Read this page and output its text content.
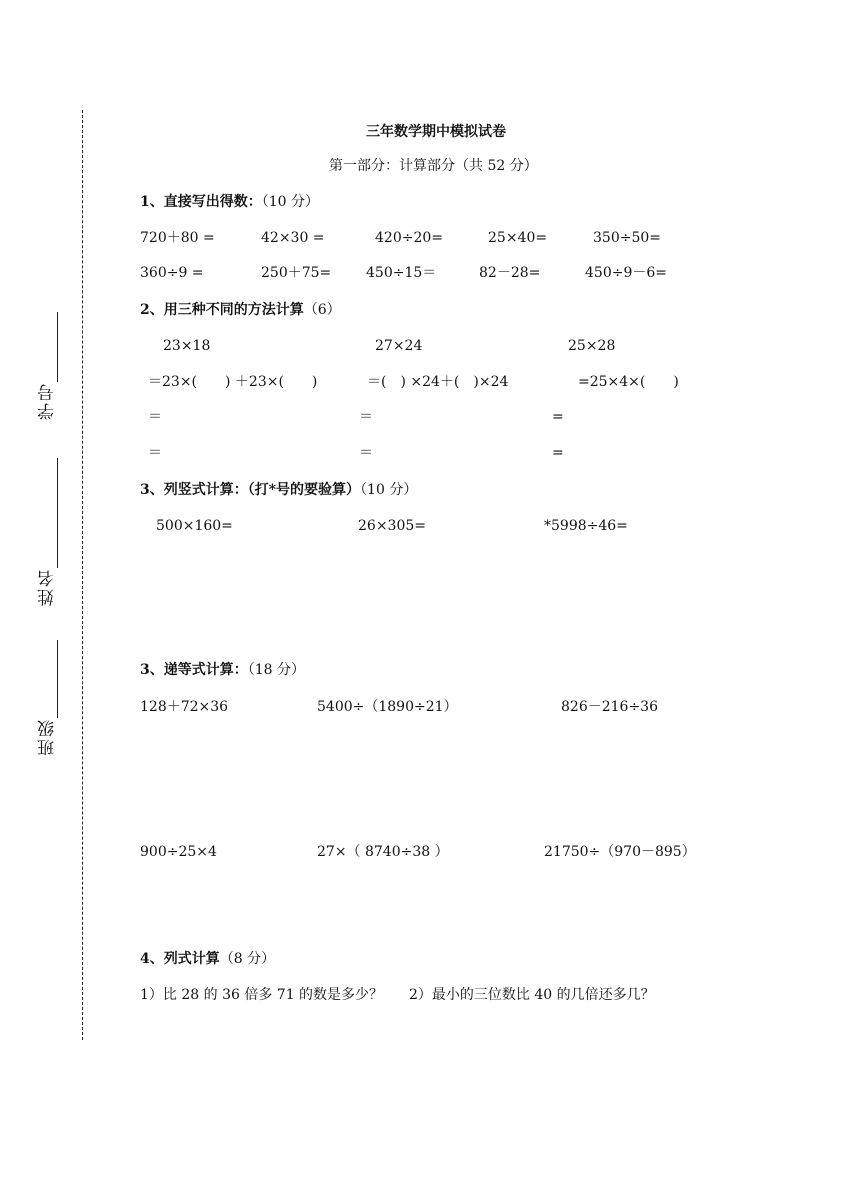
学号
姓名
班级
三年数学期中模拟试卷
第一部分：计算部分（共 52 分）
1、直接写出得数：（10 分）
720＋80 =	42×30 =	420÷20=	25×40=	350÷50=
360÷9 =	250＋75= 450÷15＝	82－28=	450÷9－6=
2、用三种不同的方法计算（6）
23×18
＝23×(　　) ＋23×(　　)
＝
＝
27×24
＝(　) ×24＋(　)×24
＝
＝
25×28
=25×4×(　　)
=
=
3、列竖式计算：（打*号的要验算）（10 分）
500×160=	26×305=	*5998÷46=
3、递等式计算：（18 分）
128＋72×36	5400÷（1890÷21）	826－216÷36
900÷25×4	27×（ 8740÷38 ）	21750÷（970－895）
4、列式计算（8 分）
1）比 28 的 36 倍多 71 的数是多少？ 2）最小的三位数比 40 的几倍还多几？
